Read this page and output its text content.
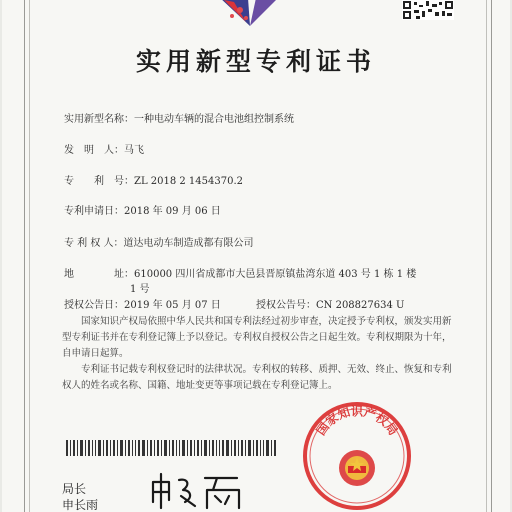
实用新型专利证书
实用新型名称：一种电动车辆的混合电池组控制系统
发　明　人：马飞
专　　利　号：ZL 2018 2 1454370.2
专利申请日：2018 年 09 月 06 日
专 利 权 人：道达电动车制造成都有限公司
地　　　　址：610000 四川省成都市大邑县晋原镇盐湾东道 403 号 1 栋 1 楼
1 号
授权公告日：2019 年 05 月 07 日	授权公告号：CN 208827634 U
国家知识产权局依照中华人民共和国专利法经过初步审查，决定授予专利权，颁发实用新型专利证书并在专利登记簿上予以登记。专利权自授权公告之日起生效。专利权期限为十年，自申请日起算。
专利证书记载专利权登记时的法律状况。专利权的转移、质押、无效、终止、恢复和专利权人的姓名或名称、国籍、地址变更等事项记载在专利登记簿上。
局长
申长雨
国家知识产权局
